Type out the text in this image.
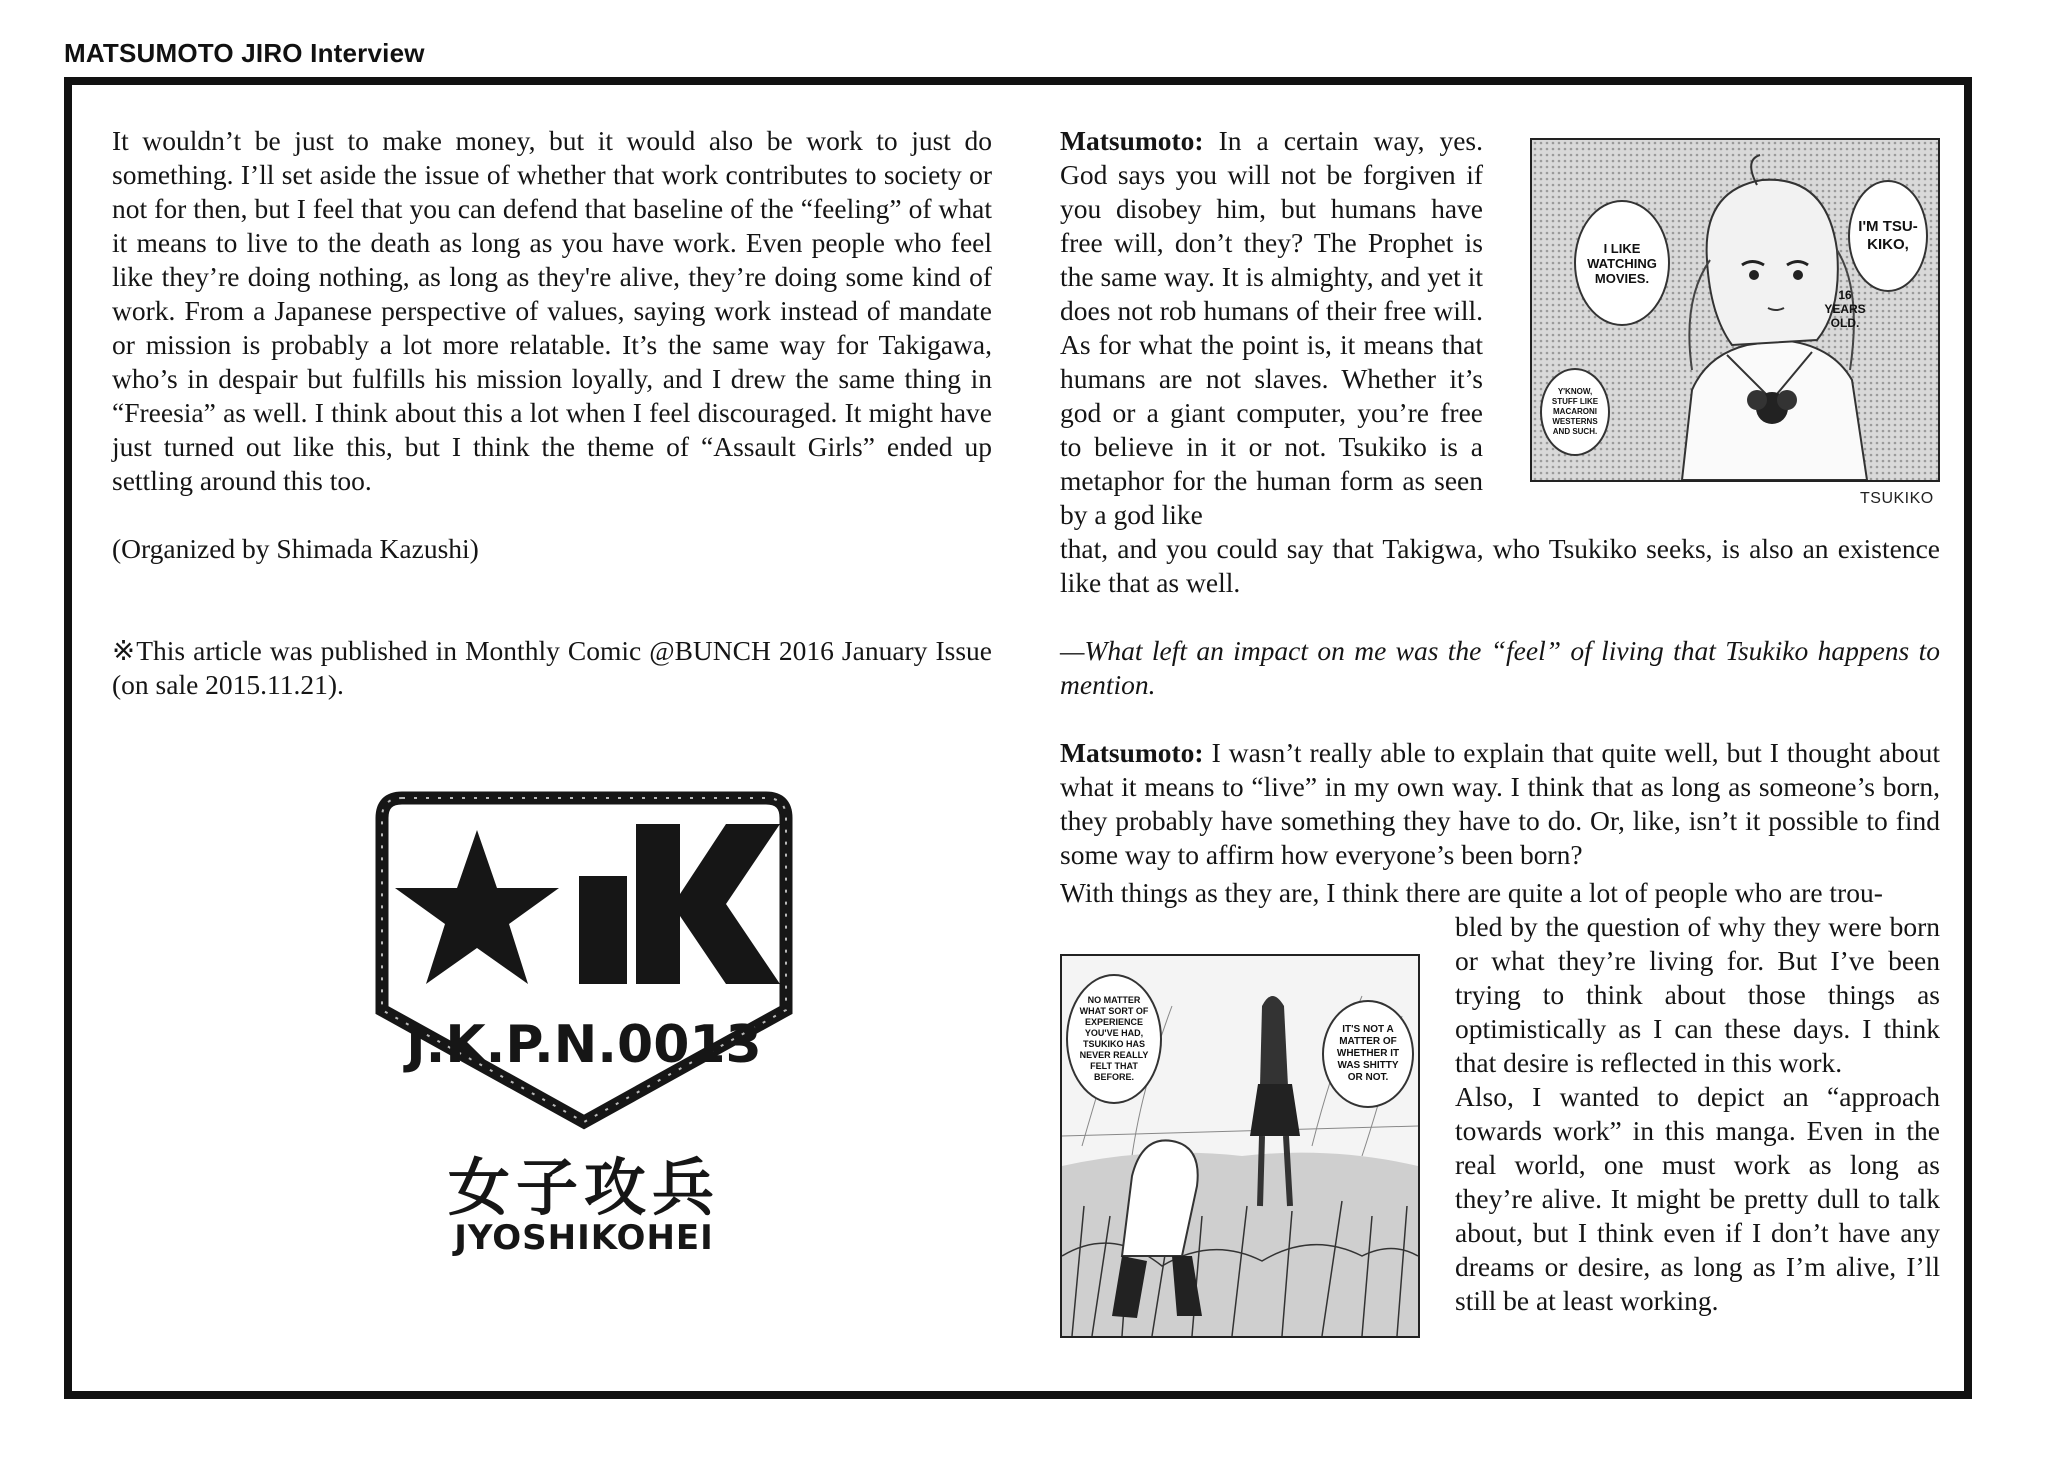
MATSUMOTO JIRO Interview

It wouldn’t be just to make money, but it would also be work to just do something. I’ll set aside the issue of whether that work contributes to society or not for then, but I feel that you can defend that baseline of the “feeling” of what it means to live to the death as long as you have work. Even people who feel like they’re doing nothing, as long as they're alive, they’re doing some kind of work. From a Japanese perspective of values, saying work instead of mandate or mission is probably a lot more relatable. It’s the same way for Takigawa, who’s in despair but fulfills his mission loyally, and I drew the same thing in “Freesia” as well. I think about this a lot when I feel discouraged. It might have just turned out like this, but I think the theme of “Assault Girls” ended up settling around this too.

(Organized by Shimada Kazushi)

※This article was published in Monthly Comic @BUNCH 2016 January Issue (on sale 2015.11.21).

J.K.P.N.0013
女子攻兵
JYOSHIKOHEI

Matsumoto: In a certain way, yes. God says you will not be forgiven if you disobey him, but humans have free will, don’t they? The Prophet is the same way. It is almighty, and yet it does not rob humans of their free will. As for what the point is, it means that humans are not slaves. Whether it’s god or a giant computer, you’re free to believe in it or not. Tsukiko is a metaphor for the human form as seen by a god like

that, and you could say that Takigwa, who Tsukiko seeks, is also an existence like that as well.

—What left an impact on me was the “feel” of living that Tsukiko happens to mention.

Matsumoto: I wasn’t really able to explain that quite well, but I thought about what it means to “live” in my own way. I think that as long as someone’s born, they probably have something they have to do. Or, like, isn’t it possible to find some way to affirm how everyone’s been born?

With things as they are, I think there are quite a lot of people who are trou-

bled by the question of why they were born or what they’re living for. But I’ve been trying to think about those things as optimistically as I can these days. I think that desire is reflected in this work.

Also, I wanted to depict an “approach towards work” in this manga. Even in the real world, one must work as long as they’re alive. It might be pretty dull to talk about, but I think even if I don’t have any dreams or desire, as long as I’m alive, I’ll still be at least working.

I LIKE WATCHING MOVIES.
I'M TSU-KIKO,
16 YEARS OLD.
Y'KNOW, STUFF LIKE MACARONI WESTERNS AND SUCH.
TSUKIKO
NO MATTER WHAT SORT OF EXPERIENCE YOU'VE HAD, TSUKIKO HAS NEVER REALLY FELT THAT BEFORE.
IT'S NOT A MATTER OF WHETHER IT WAS SHITTY OR NOT.
